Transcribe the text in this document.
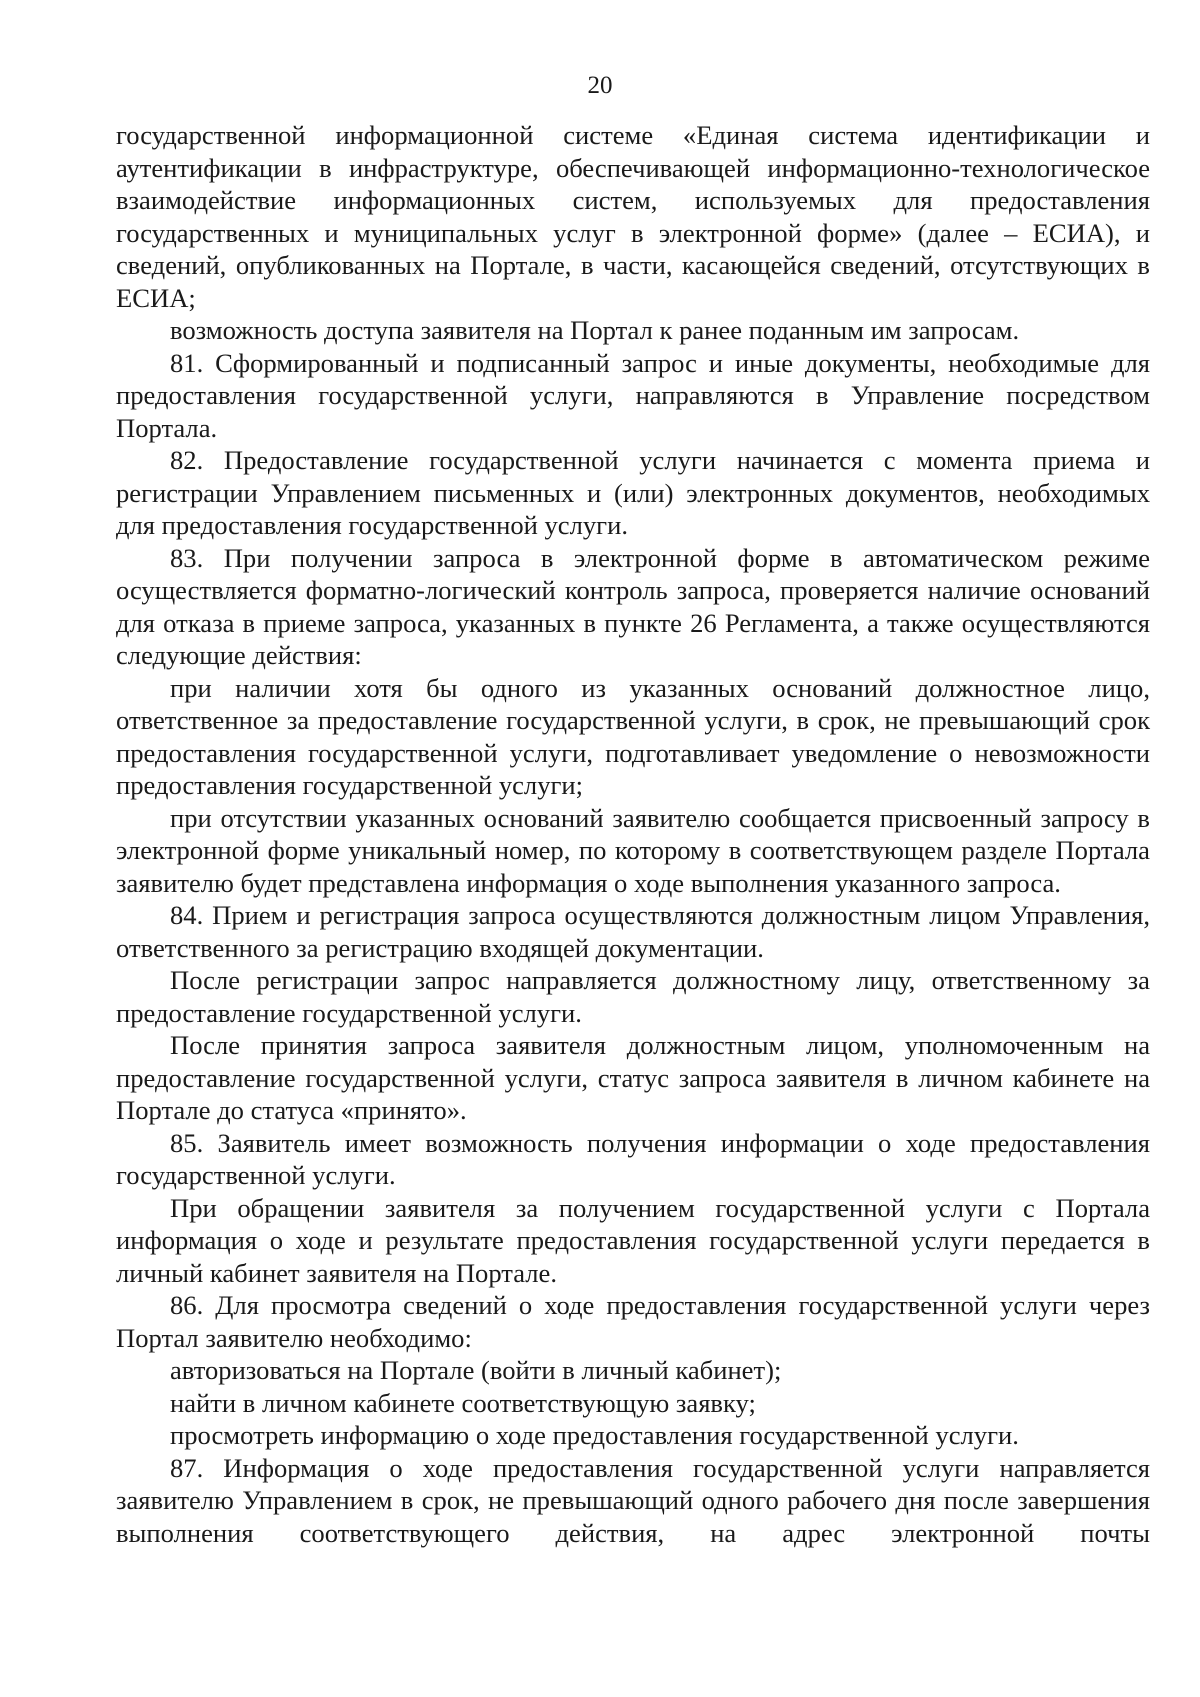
20

государственной информационной системе «Единая система идентификации и аутентификации в инфраструктуре, обеспечивающей информационно-технологическое взаимодействие информационных систем, используемых для предоставления государственных и муниципальных услуг в электронной форме» (далее – ЕСИА), и сведений, опубликованных на Портале, в части, касающейся сведений, отсутствующих в ЕСИА;

возможность доступа заявителя на Портал к ранее поданным им запросам.

81. Сформированный и подписанный запрос и иные документы, необходимые для предоставления государственной услуги, направляются в Управление посредством Портала.

82. Предоставление государственной услуги начинается с момента приема и регистрации Управлением письменных и (или) электронных документов, необходимых для предоставления государственной услуги.

83. При получении запроса в электронной форме в автоматическом режиме осуществляется форматно-логический контроль запроса, проверяется наличие оснований для отказа в приеме запроса, указанных в пункте 26 Регламента, а также осуществляются следующие действия:

при наличии хотя бы одного из указанных оснований должностное лицо, ответственное за предоставление государственной услуги, в срок, не превышающий срок предоставления государственной услуги, подготавливает уведомление о невозможности предоставления государственной услуги;

при отсутствии указанных оснований заявителю сообщается присвоенный запросу в электронной форме уникальный номер, по которому в соответствующем разделе Портала заявителю будет представлена информация о ходе выполнения указанного запроса.

84. Прием и регистрация запроса осуществляются должностным лицом Управления, ответственного за регистрацию входящей документации.

После регистрации запрос направляется должностному лицу, ответственному за предоставление государственной услуги.

После принятия запроса заявителя должностным лицом, уполномоченным на предоставление государственной услуги, статус запроса заявителя в личном кабинете на Портале до статуса «принято».

85. Заявитель имеет возможность получения информации о ходе предоставления государственной услуги.

При обращении заявителя за получением государственной услуги с Портала информация о ходе и результате предоставления государственной услуги передается в личный кабинет заявителя на Портале.

86. Для просмотра сведений о ходе предоставления государственной услуги через Портал заявителю необходимо:

авторизоваться на Портале (войти в личный кабинет);

найти в личном кабинете соответствующую заявку;

просмотреть информацию о ходе предоставления государственной услуги.

87. Информация о ходе предоставления государственной услуги направляется заявителю Управлением в срок, не превышающий одного рабочего дня после завершения выполнения соответствующего действия, на адрес электронной почты
